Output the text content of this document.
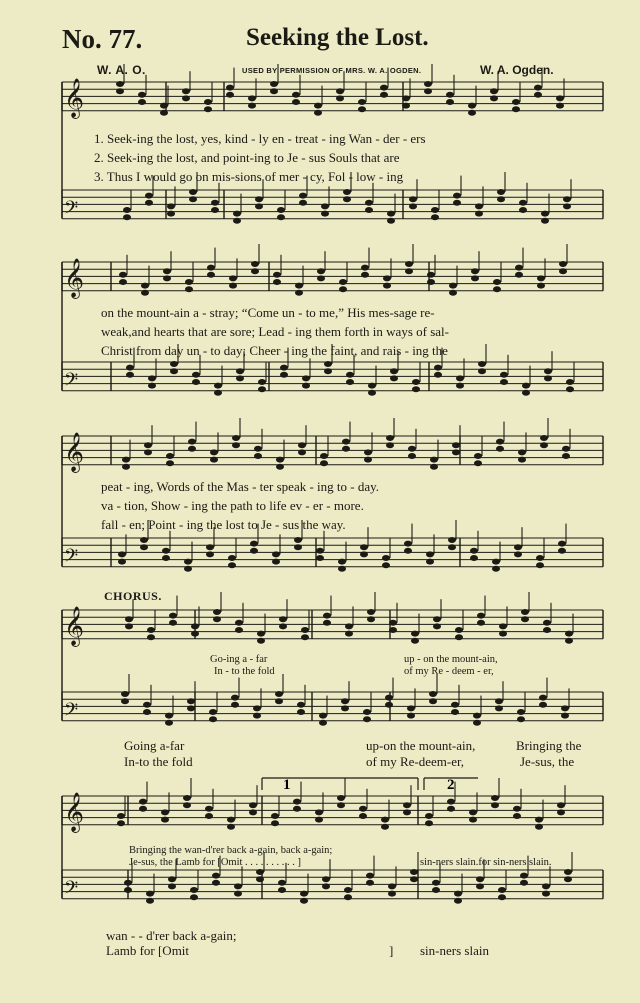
No. 77.	Seeking the Lost.
W. A. O.	USED BY PERMISSION OF MRS. W. A. OGDEN.	W. A. Ogden.
𝄞
𝄢
𝄞
𝄢
𝄞
𝄢
𝄞
𝄢
𝄞
𝄢
1	2
1. Seek-ing the lost, yes, kind - ly en - treat - ing Wan - der - ers
2. Seek-ing the lost, and point-ing to Je - sus Souls that are
3. Thus I would go on mis-sions of mer - cy, Fol - low - ing
on the mount-ain a - stray; “Come un - to me,” His mes-sage re-
weak,and hearts that are sore; Lead - ing them forth in ways of sal-
Christ from day un - to day; Cheer - ing the faint, and rais - ing the
peat - ing, Words of the Mas - ter speak - ing to - day.
va - tion, Show - ing the path to life ev - er - more.
fall - en; Point - ing the lost to Je - sus the way.
CHORUS.
Go-ing a - far	up - on the mount-ain,
In - to the fold	of my Re - deem - er,
Going a-far	up-on the mount-ain,	Bringing the
In-to the fold	of my Re-deem-er,	Je-sus, the
Bringing the wan-d'rer back a-gain, back a-gain;
Je-sus, the Lamb for [Omit . . . . . . . . . . ]	sin-ners slain.for sin-ners slain.
wan - - d'rer back a-gain;
Lamb for [Omit	] sin-ners slain
